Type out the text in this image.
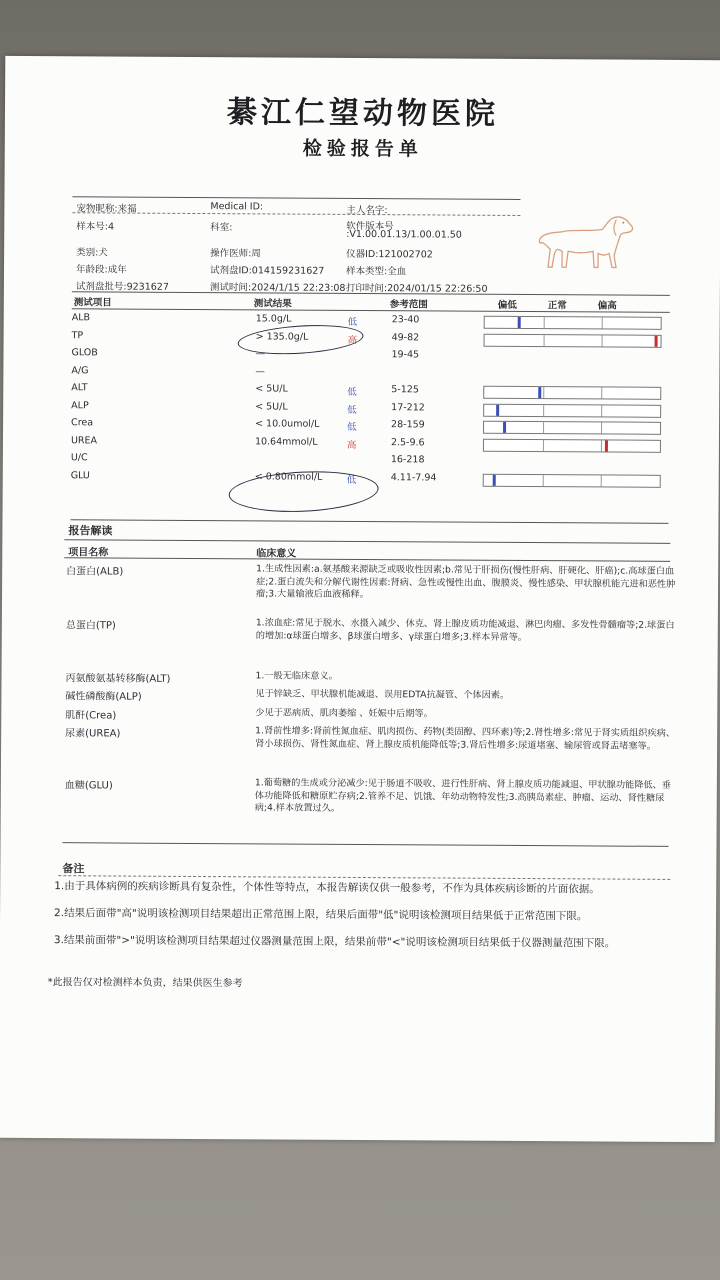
綦江仁望动物医院
检验报告单
宠物昵称:来福	Medical ID:	主人名字:
样本号:4	科室:	软件版本号
:V1.00.01.13/1.00.01.50
类别:犬	操作医师:周	仪器ID:121002702
年龄段:成年	试剂盘ID:014159231627 样本类型:全血
试剂盘批号:9231627	测试时间:2024/1/15 22:23:08 打印时间:2024/01/15 22:26:50
测试项目	测试结果	参考范围	偏低	正常	偏高
ALB	15.0g/L	低	23-40
TP	> 135.0g/L	高	49-82
GLOB	—	19-45
A/G	—
ALT	< 5U/L	低	5-125
ALP	< 5U/L	低	17-212
Crea	< 10.0umol/L	低	28-159
UREA	10.64mmol/L	高	2.5-9.6
U/C	16-218
GLU	< 0.80mmol/L	低	4.11-7.94
报告解读
项目名称	临床意义
白蛋白(ALB)	1.生成性因素:a.氨基酸来源缺乏或吸收性因素;b.常见于肝损伤(慢性肝病、肝硬化、肝癌);c.高球蛋白血症;2.蛋白流失和分解代谢性因素:肾病、急性或慢性出血、腹膜炎、慢性感染、甲状腺机能亢进和恶性肿瘤;3.大量输液后血液稀释。
总蛋白(TP)	1.浓血症:常见于脱水、水摄入减少、休克、肾上腺皮质功能减退、淋巴肉瘤、多发性骨髓瘤等;2.球蛋白的增加:α球蛋白增多、β球蛋白增多、γ球蛋白增多;3.样本异常等。
丙氨酸氨基转移酶(ALT)	1.一般无临床意义。
碱性磷酸酶(ALP)	见于锌缺乏、甲状腺机能减退、误用EDTA抗凝管、个体因素。
肌酐(Crea)	少见于恶病质、肌肉萎缩 、妊娠中后期等。
尿素(UREA)	1.肾前性增多:肾前性氮血症、肌肉损伤、药物(类固醇、四环素)等;2.肾性增多:常见于肾实质组织疾病、肾小球损伤、肾性氮血症、肾上腺皮质机能降低等;3.肾后性增多:尿道堵塞、输尿管或肾盂堵塞等。
血糖(GLU)	1.葡萄糖的生成或分泌减少:见于肠道不吸收、进行性肝病、肾上腺皮质功能减退、甲状腺功能降低、垂体功能降低和糖原贮存病;2.管养不足、饥饿、年幼动物特发性;3.高胰岛素症、肿瘤、运动、肾性糖尿病;4.样本放置过久。
备注
1.由于具体病例的疾病诊断具有复杂性，个体性等特点，本报告解读仅供一般参考，不作为具体疾病诊断的片面依据。
2.结果后面带"高"说明该检测项目结果超出正常范围上限，结果后面带"低"说明该检测项目结果低于正常范围下限。
3.结果前面带">"说明该检测项目结果超过仪器测量范围上限，结果前带"<"说明该检测项目结果低于仪器测量范围下限。
*此报告仅对检测样本负责，结果供医生参考
